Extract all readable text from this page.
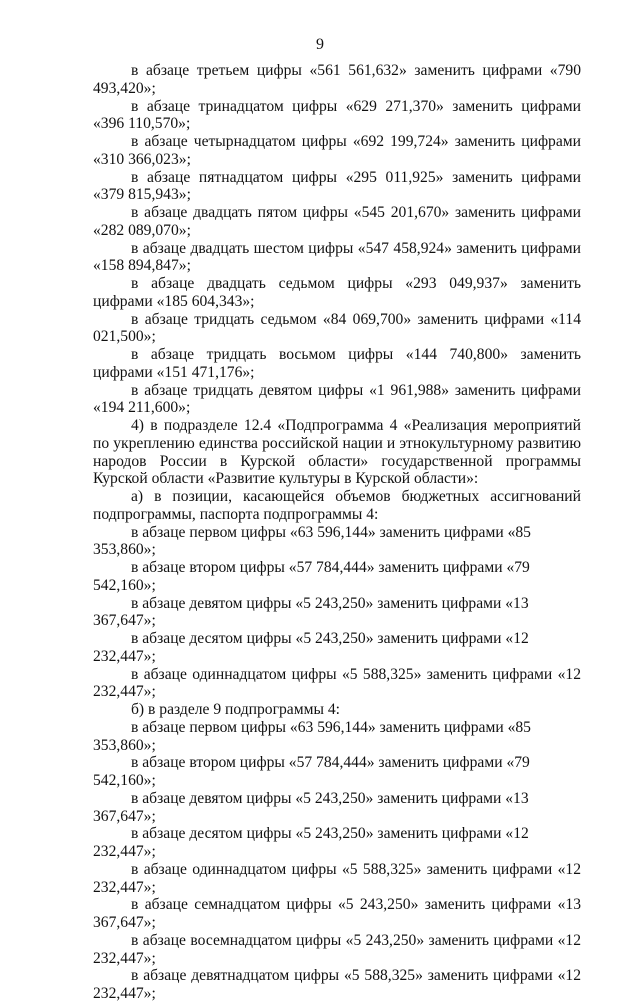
9

в абзаце третьем цифры «561 561,632» заменить цифрами «790 493,420»;

в абзаце тринадцатом цифры «629 271,370» заменить цифрами «396 110,570»;

в абзаце четырнадцатом цифры «692 199,724» заменить цифрами «310 366,023»;

в абзаце пятнадцатом цифры «295 011,925» заменить цифрами «379 815,943»;

в абзаце двадцать пятом цифры «545 201,670» заменить цифрами «282 089,070»;

в абзаце двадцать шестом цифры «547 458,924» заменить цифрами «158 894,847»;

в абзаце двадцать седьмом цифры «293 049,937» заменить цифрами «185 604,343»;

в абзаце тридцать седьмом «84 069,700» заменить цифрами «114 021,500»;

в абзаце тридцать восьмом цифры «144 740,800» заменить цифрами «151 471,176»;

в абзаце тридцать девятом цифры «1 961,988» заменить цифрами «194 211,600»;

4) в подразделе 12.4 «Подпрограмма 4 «Реализация мероприятий по укреплению единства российской нации и этнокультурному развитию народов России в Курской области» государственной программы Курской области «Развитие культуры в Курской области»:

а) в позиции, касающейся объемов бюджетных ассигнований подпрограммы, паспорта подпрограммы 4:

в абзаце первом цифры «63 596,144» заменить цифрами «85 353,860»;

в абзаце втором цифры «57 784,444» заменить цифрами «79 542,160»;

в абзаце девятом цифры «5 243,250» заменить цифрами «13 367,647»;

в абзаце десятом цифры «5 243,250» заменить цифрами «12 232,447»;

в абзаце одиннадцатом цифры «5 588,325» заменить цифрами «12 232,447»;

б) в разделе 9 подпрограммы 4:

в абзаце первом цифры «63 596,144» заменить цифрами «85 353,860»;

в абзаце втором цифры «57 784,444» заменить цифрами «79 542,160»;

в абзаце девятом цифры «5 243,250» заменить цифрами «13 367,647»;

в абзаце десятом цифры «5 243,250» заменить цифрами «12 232,447»;

в абзаце одиннадцатом цифры «5 588,325» заменить цифрами «12 232,447»;

в абзаце семнадцатом цифры «5 243,250» заменить цифрами «13 367,647»;

в абзаце восемнадцатом цифры «5 243,250» заменить цифрами «12 232,447»;

в абзаце девятнадцатом цифры «5 588,325» заменить цифрами «12 232,447»;
